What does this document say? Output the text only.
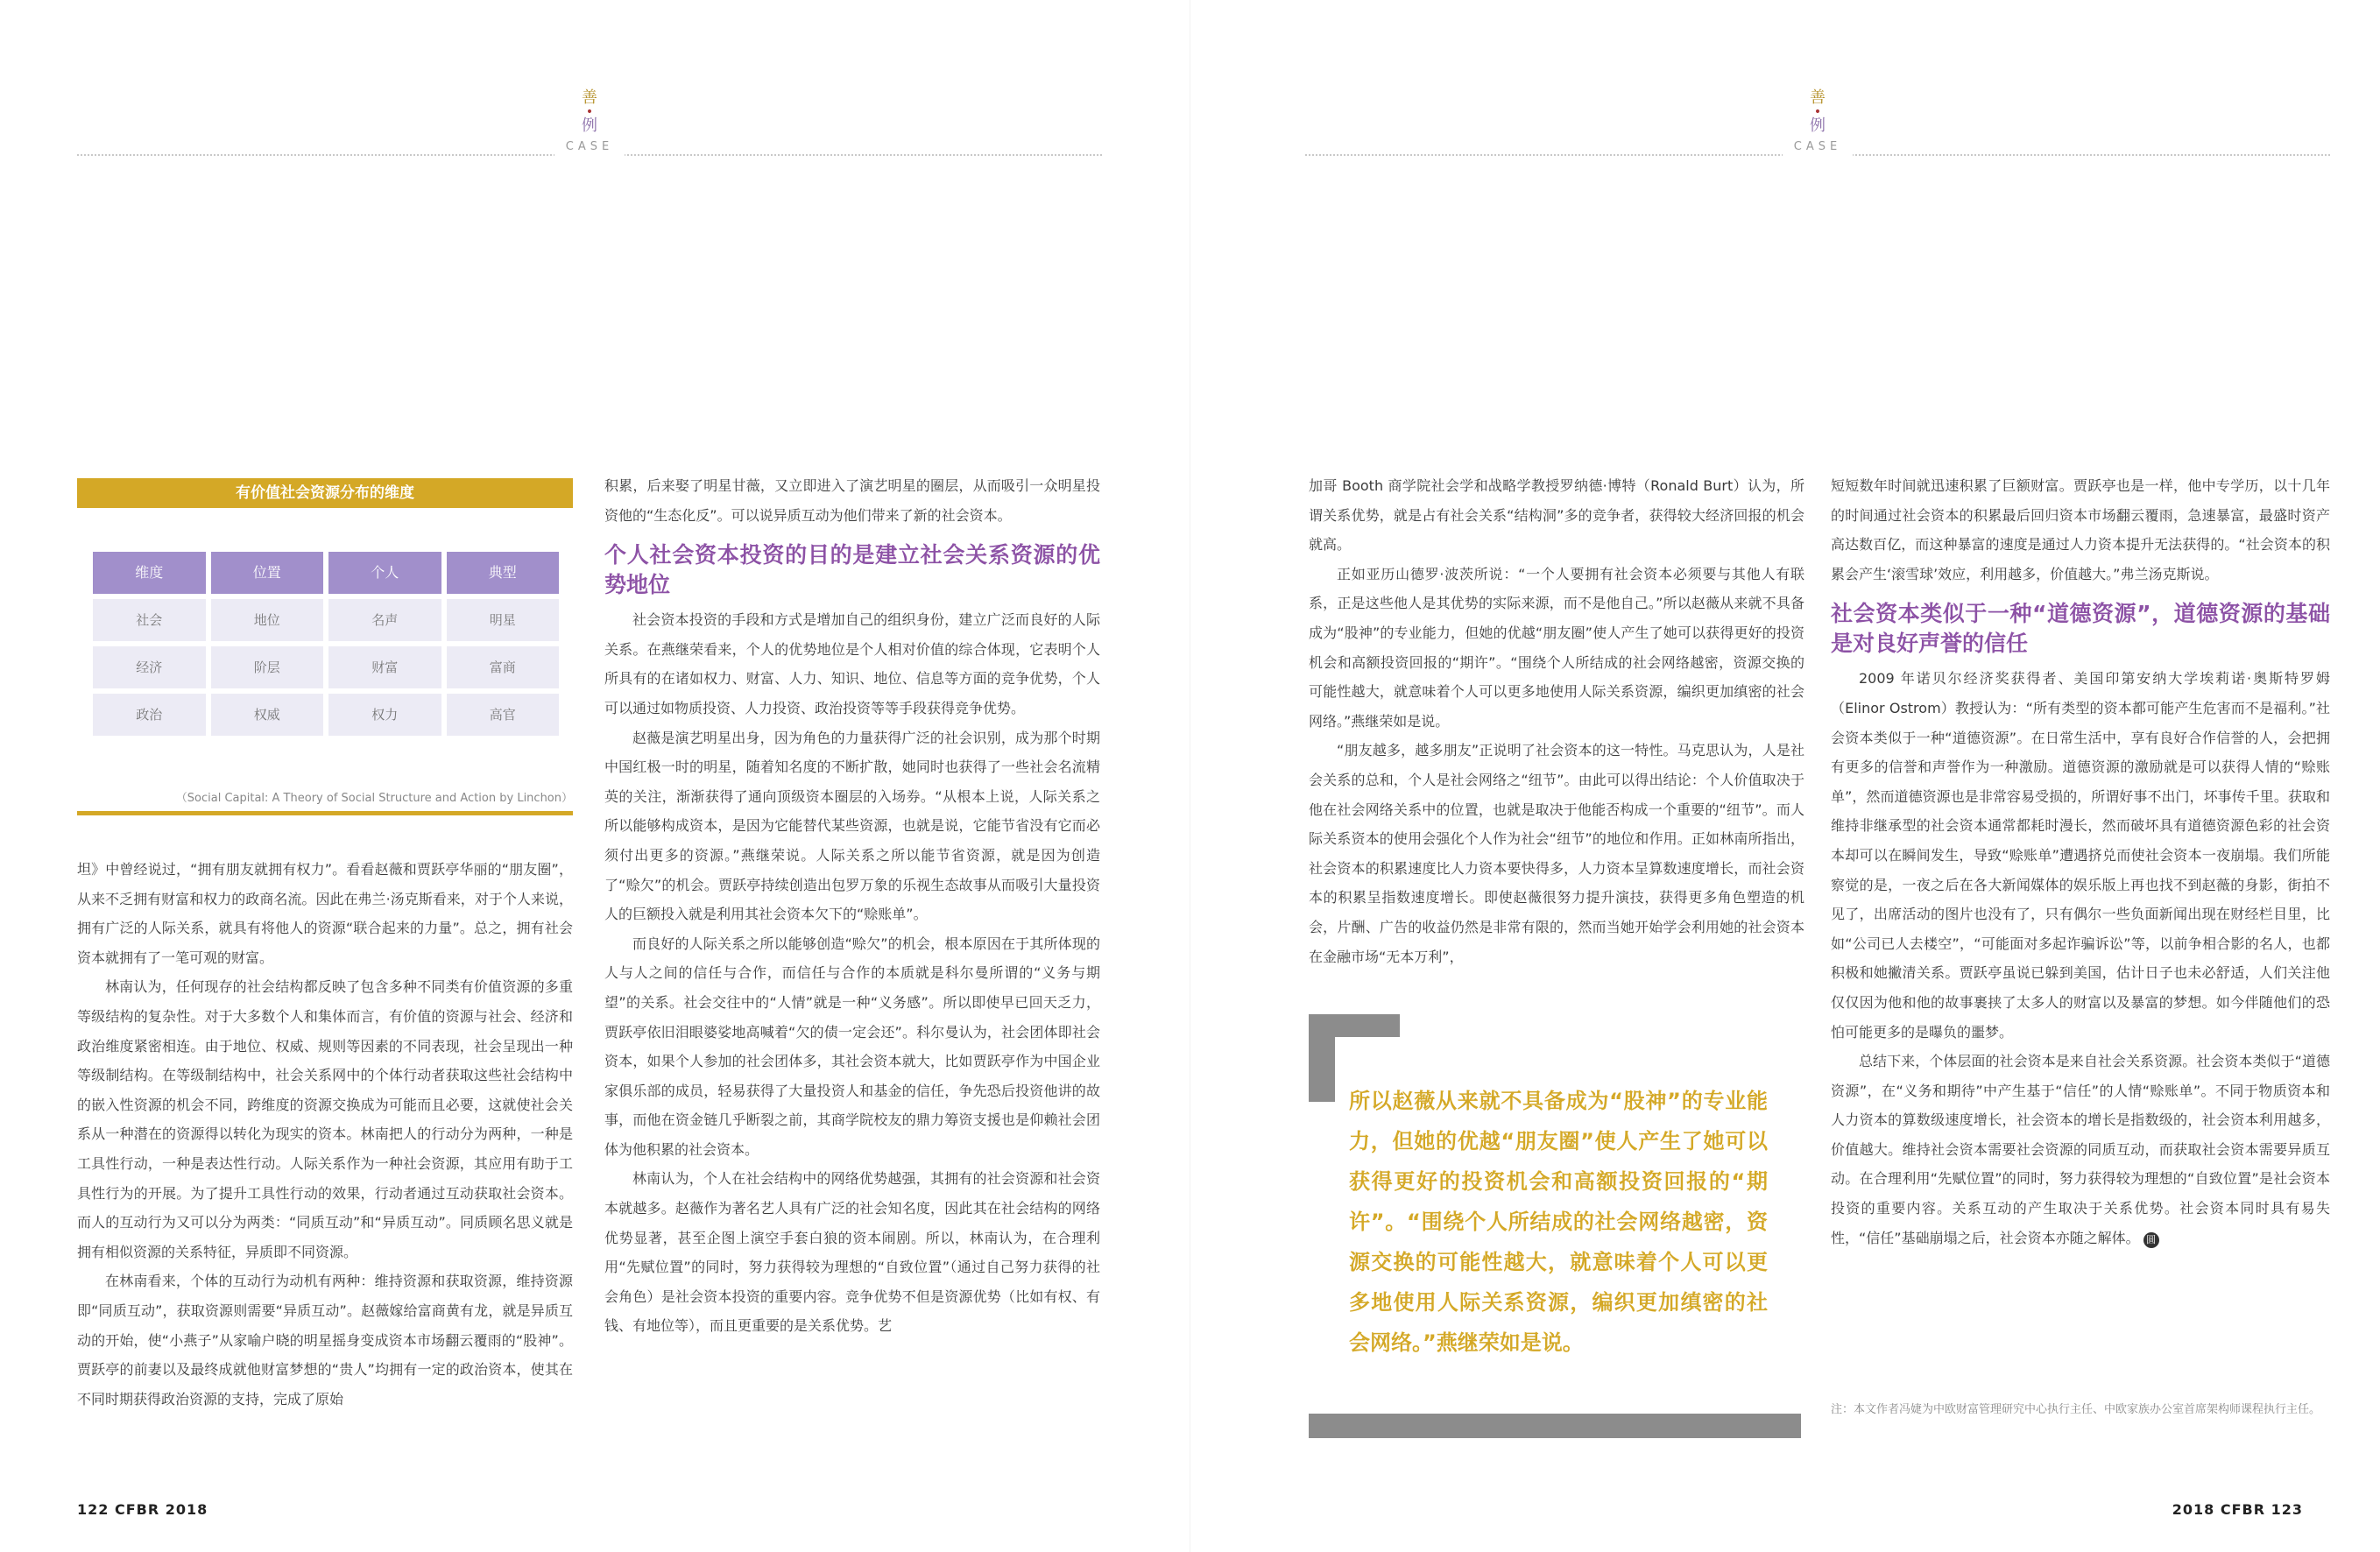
善
•
例
CASE
善
•
例
CASE
有价值社会资源分布的维度
维度	位置	个人	典型
社会	地位	名声	明星
经济	阶层	财富	富商
政治	权威	权力	高官
（Social Capital: A Theory of Social Structure and Action by Linchon）

坦》中曾经说过，“拥有朋友就拥有权力”。看看赵薇和贾跃亭华丽的“朋友圈”，从来不乏拥有财富和权力的政商名流。因此在弗兰·汤克斯看来，对于个人来说，拥有广泛的人际关系，就具有将他人的资源“联合起来的力量”。总之，拥有社会资本就拥有了一笔可观的财富。

林南认为，任何现存的社会结构都反映了包含多种不同类有价值资源的多重等级结构的复杂性。对于大多数个人和集体而言，有价值的资源与社会、经济和政治维度紧密相连。由于地位、权威、规则等因素的不同表现，社会呈现出一种等级制结构。在等级制结构中，社会关系网中的个体行动者获取这些社会结构中的嵌入性资源的机会不同，跨维度的资源交换成为可能而且必要，这就使社会关系从一种潜在的资源得以转化为现实的资本。林南把人的行动分为两种，一种是工具性行动，一种是表达性行动。人际关系作为一种社会资源，其应用有助于工具性行为的开展。为了提升工具性行动的效果，行动者通过互动获取社会资本。而人的互动行为又可以分为两类：“同质互动”和“异质互动”。同质顾名思义就是拥有相似资源的关系特征，异质即不同资源。

在林南看来，个体的互动行为动机有两种：维持资源和获取资源，维持资源即“同质互动”，获取资源则需要“异质互动”。赵薇嫁给富商黄有龙，就是异质互动的开始，使“小燕子”从家喻户晓的明星摇身变成资本市场翻云覆雨的“股神”。贾跃亭的前妻以及最终成就他财富梦想的“贵人”均拥有一定的政治资本，使其在不同时期获得政治资源的支持，完成了原始

积累，后来娶了明星甘薇，又立即进入了演艺明星的圈层，从而吸引一众明星投资他的“生态化反”。可以说异质互动为他们带来了新的社会资本。

个人社会资本投资的目的是建立社会关系资源的优势地位

社会资本投资的手段和方式是增加自己的组织身份，建立广泛而良好的人际关系。在燕继荣看来，个人的优势地位是个人相对价值的综合体现，它表明个人所具有的在诸如权力、财富、人力、知识、地位、信息等方面的竞争优势，个人可以通过如物质投资、人力投资、政治投资等等手段获得竞争优势。

赵薇是演艺明星出身，因为角色的力量获得广泛的社会识别，成为那个时期中国红极一时的明星，随着知名度的不断扩散，她同时也获得了一些社会名流精英的关注，渐渐获得了通向顶级资本圈层的入场券。“从根本上说，人际关系之所以能够构成资本，是因为它能替代某些资源，也就是说，它能节省没有它而必须付出更多的资源。”燕继荣说。人际关系之所以能节省资源，就是因为创造了“赊欠”的机会。贾跃亭持续创造出包罗万象的乐视生态故事从而吸引大量投资人的巨额投入就是利用其社会资本欠下的“赊账单”。

而良好的人际关系之所以能够创造“赊欠”的机会，根本原因在于其所体现的人与人之间的信任与合作，而信任与合作的本质就是科尔曼所谓的“义务与期望”的关系。社会交往中的“人情”就是一种“义务感”。所以即使早已回天乏力，贾跃亭依旧泪眼婆娑地高喊着“欠的债一定会还”。科尔曼认为，社会团体即社会资本，如果个人参加的社会团体多，其社会资本就大，比如贾跃亭作为中国企业家俱乐部的成员，轻易获得了大量投资人和基金的信任，争先恐后投资他讲的故事，而他在资金链几乎断裂之前，其商学院校友的鼎力筹资支援也是仰赖社会团体为他积累的社会资本。

林南认为，个人在社会结构中的网络优势越强，其拥有的社会资源和社会资本就越多。赵薇作为著名艺人具有广泛的社会知名度，因此其在社会结构的网络优势显著，甚至企图上演空手套白狼的资本闹剧。所以，林南认为，在合理利用“先赋位置”的同时，努力获得较为理想的“自致位置”（通过自己努力获得的社会角色）是社会资本投资的重要内容。竞争优势不但是资源优势（比如有权、有钱、有地位等），而且更重要的是关系优势。艺

加哥 Booth 商学院社会学和战略学教授罗纳德·博特（Ronald Burt）认为，所谓关系优势，就是占有社会关系“结构洞”多的竞争者，获得较大经济回报的机会就高。

正如亚历山德罗·波茨所说：“一个人要拥有社会资本必须要与其他人有联系，正是这些他人是其优势的实际来源，而不是他自己。”所以赵薇从来就不具备成为“股神”的专业能力，但她的优越“朋友圈”使人产生了她可以获得更好的投资机会和高额投资回报的“期许”。“围绕个人所结成的社会网络越密，资源交换的可能性越大，就意味着个人可以更多地使用人际关系资源，编织更加缜密的社会网络。”燕继荣如是说。

“朋友越多，越多朋友”正说明了社会资本的这一特性。马克思认为，人是社会关系的总和，个人是社会网络之“纽节”。由此可以得出结论：个人价值取决于他在社会网络关系中的位置，也就是取决于他能否构成一个重要的“纽节”。而人际关系资本的使用会强化个人作为社会“纽节”的地位和作用。正如林南所指出，社会资本的积累速度比人力资本要快得多，人力资本呈算数速度增长，而社会资本的积累呈指数速度增长。即使赵薇很努力提升演技，获得更多角色塑造的机会，片酬、广告的收益仍然是非常有限的，然而当她开始学会利用她的社会资本在金融市场“无本万利”，

所以赵薇从来就不具备成为“股神”的专业能力，但她的优越“朋友圈”使人产生了她可以获得更好的投资机会和高额投资回报的“期许”。“围绕个人所结成的社会网络越密，资源交换的可能性越大，就意味着个人可以更多地使用人际关系资源，编织更加缜密的社会网络。”燕继荣如是说。

短短数年时间就迅速积累了巨额财富。贾跃亭也是一样，他中专学历，以十几年的时间通过社会资本的积累最后回归资本市场翻云覆雨，急速暴富，最盛时资产高达数百亿，而这种暴富的速度是通过人力资本提升无法获得的。“社会资本的积累会产生‘滚雪球’效应，利用越多，价值越大。”弗兰汤克斯说。

社会资本类似于一种“道德资源”，道德资源的基础是对良好声誉的信任

2009 年诺贝尔经济奖获得者、美国印第安纳大学埃莉诺·奥斯特罗姆（Elinor Ostrom）教授认为：“所有类型的资本都可能产生危害而不是福利。”社会资本类似于一种“道德资源”。在日常生活中，享有良好合作信誉的人，会把拥有更多的信誉和声誉作为一种激励。道德资源的激励就是可以获得人情的“赊账单”，然而道德资源也是非常容易受损的，所谓好事不出门，坏事传千里。获取和维持非继承型的社会资本通常都耗时漫长，然而破坏具有道德资源色彩的社会资本却可以在瞬间发生，导致“赊账单”遭遇挤兑而使社会资本一夜崩塌。我们所能察觉的是，一夜之后在各大新闻媒体的娱乐版上再也找不到赵薇的身影，街拍不见了，出席活动的图片也没有了，只有偶尔一些负面新闻出现在财经栏目里，比如“公司已人去楼空”，“可能面对多起诈骗诉讼”等，以前争相合影的名人，也都积极和她撇清关系。贾跃亭虽说已躲到美国，估计日子也未必舒适，人们关注他仅仅因为他和他的故事裹挟了太多人的财富以及暴富的梦想。如今伴随他们的恐怕可能更多的是曝负的噩梦。

总结下来，个体层面的社会资本是来自社会关系资源。社会资本类似于“道德资源”，在“义务和期待”中产生基于“信任”的人情“赊账单”。不同于物质资本和人力资本的算数级速度增长，社会资本的增长是指数级的，社会资本利用越多，价值越大。维持社会资本需要社会资源的同质互动，而获取社会资本需要异质互动。在合理利用“先赋位置”的同时，努力获得较为理想的“自致位置”是社会资本投资的重要内容。关系互动的产生取决于关系优势。社会资本同时具有易失性，“信任”基础崩塌之后，社会资本亦随之解体。 圆

注：本文作者冯婕为中欧财富管理研究中心执行主任、中欧家族办公室首席架构师课程执行主任。
122 CFBR 2018	2018 CFBR 123
